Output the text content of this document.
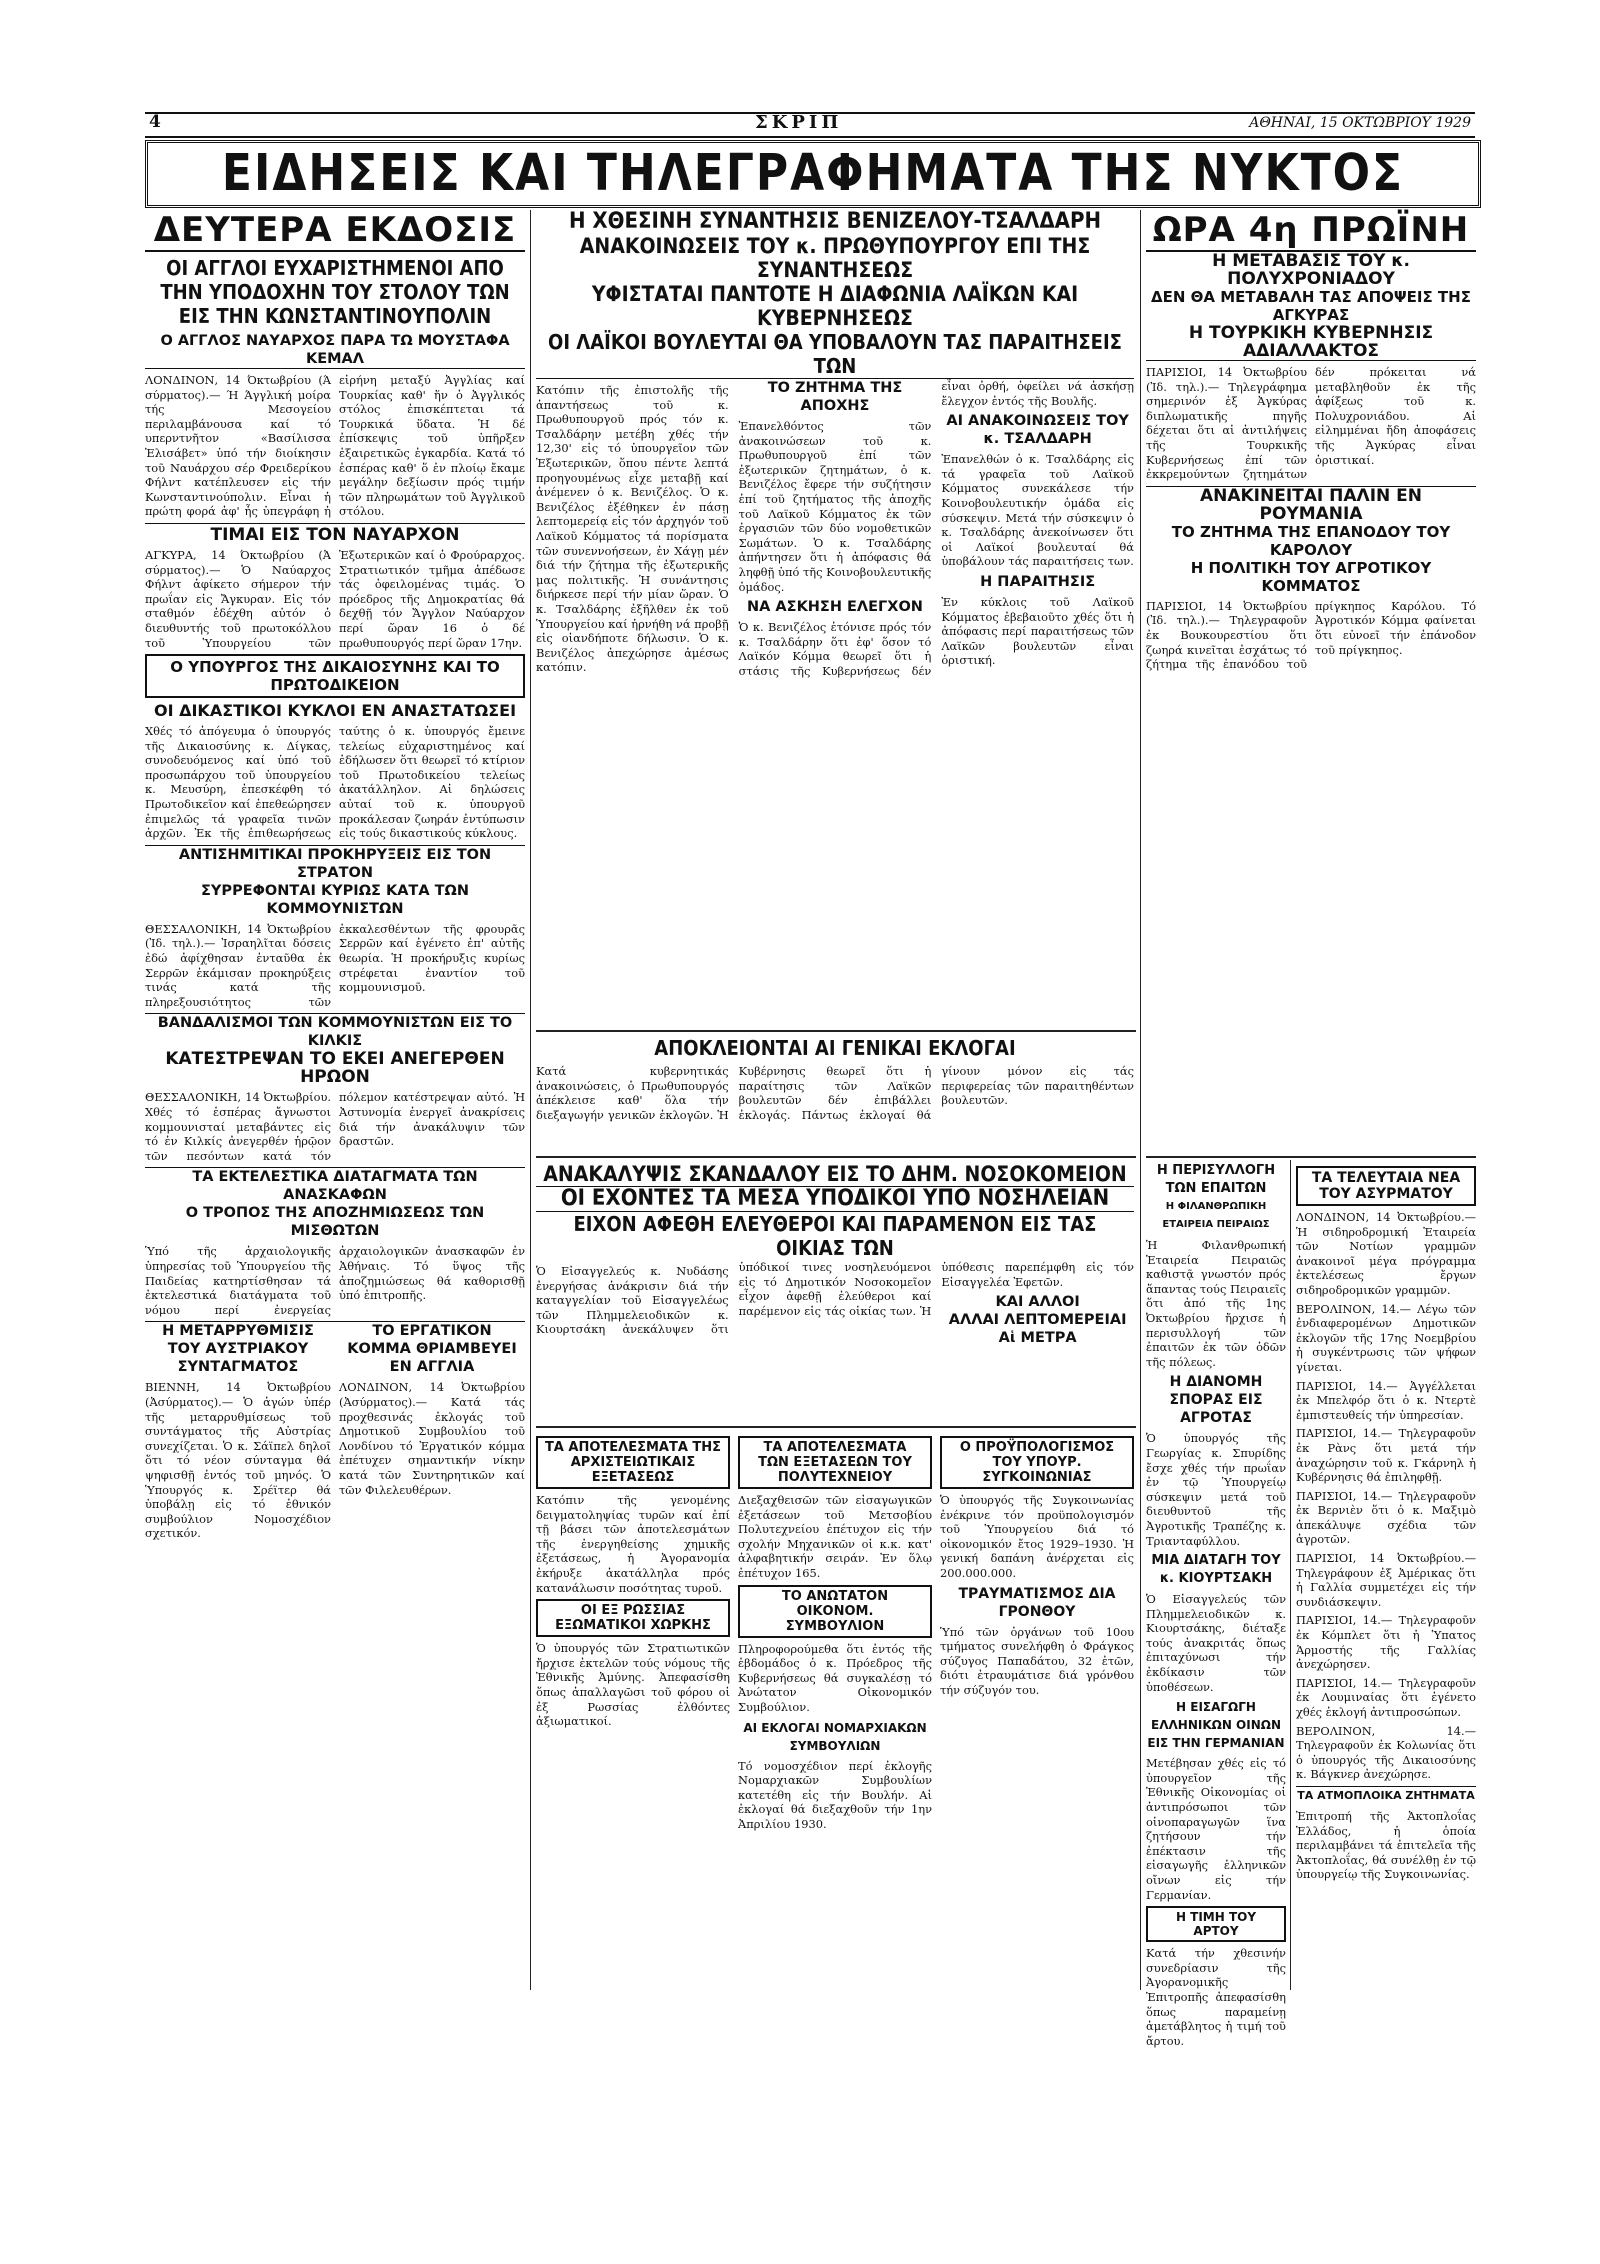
4	ΣΚΡΙΠ	ΑΘΗΝΑΙ, 15 ΟΚΤΩΒΡΙΟΥ 1929
ΕΙΔΗΣΕΙΣ ΚΑΙ ΤΗΛΕΓΡΑΦΗΜΑΤΑ ΤΗΣ ΝΥΚΤΟΣ
ΔΕΥΤΕΡΑ ΕΚΔΟΣΙΣ
ΟΙ ΑΓΓΛΟΙ ΕΥΧΑΡΙΣΤΗΜΕΝΟΙ ΑΠΟ ΤΗΝ ΥΠΟΔΟΧΗΝ ΤΟΥ ΣΤΟΛΟΥ ΤΩΝ ΕΙΣ ΤΗΝ ΚΩΝΣΤΑΝΤΙΝΟΥΠΟΛΙΝ
Ο ΑΓΓΛΟΣ ΝΑΥΑΡΧΟΣ ΠΑΡΑ ΤΩ ΜΟΥΣΤΑΦΑ ΚΕΜΑΛ
ΛΟΝΔΙΝΟΝ, 14 Όκτωβρίου (Ά σύρματος).— Ή Άγγλική μοίρα τής Μεσογείου περιλαμβάνουσα καί τό υπερντνῆτον «Βασίλισσα Ἐλισάβετ» ὑπό τήν διοίκησιν τοῦ Ναυάρχου σέρ Φρειδερίκου Φήλντ κατέπλευσεν εἰς τήν Κωνσταντινούπολιν. Εἶναι ἡ πρώτη φορά ἀφ' ἧς ὑπεγράφη ἡ εἰρήνη μεταξύ Ἀγγλίας καί Τουρκίας καθ' ἥν ὁ Ἀγγλικός στόλος ἐπισκέπτεται τά Τουρκικά ὕδατα. Ἡ δέ ἐπίσκεψις τοῦ ὑπῆρξεν ἐξαιρετικῶς ἐγκαρδία. Κατά τό ἑσπέρας καθ' ὅ ἐν πλοίῳ ἔκαμε μεγάλην δεξίωσιν πρός τιμήν τῶν πληρωμάτων τοῦ Ἀγγλικοῦ στόλου.
ΤΙΜΑΙ ΕΙΣ ΤΟΝ ΝΑΥΑΡΧΟΝ
ΑΓΚΥΡΑ, 14 Όκτωβρίου (Ἀ σύρματος).— Ὁ Ναύαρχος Φήλντ ἀφίκετο σήμερον τήν πρωΐαν εἰς Ἄγκυραν. Εἰς τόν σταθμόν ἐδέχθη αὐτόν ὁ διευθυντής τοῦ πρωτοκόλλου τοῦ Ὑπουργείου τῶν Ἐξωτερικῶν καί ὁ Φρούραρχος. Στρατιωτικόν τμῆμα ἀπέδωσε τάς ὀφειλομένας τιμάς. Ὁ πρόεδρος τῆς Δημοκρατίας θά δεχθῇ τόν Ἄγγλον Ναύαρχον περί ὥραν 16 ὁ δέ πρωθυπουργός περί ὥραν 17ην.
Ο ΥΠΟΥΡΓΟΣ ΤΗΣ ΔΙΚΑΙΟΣΥΝΗΣ ΚΑΙ ΤΟ ΠΡΩΤΟΔΙΚΕΙΟΝ
ΟΙ ΔΙΚΑΣΤΙΚΟΙ ΚΥΚΛΟΙ ΕΝ ΑΝΑΣΤΑΤΩΣΕΙ
Χθές τό ἀπόγευμα ὁ ὑπουργός τῆς Δικαιοσύνης κ. Δίγκας, συνοδευόμενος καί ὑπό τοῦ προσωπάρχου τοῦ ὑπουργείου κ. Μευσύρη, ἐπεσκέφθη τό Πρωτοδικεῖον καί ἐπεθεώρησεν ἐπιμελῶς τά γραφεῖα τινῶν ἀρχῶν. Ἐκ τῆς ἐπιθεωρήσεως ταύτης ὁ κ. ὑπουργός ἔμεινε τελείως εὐχαριστημένος καί ἐδήλωσεν ὅτι θεωρεῖ τό κτίριον τοῦ Πρωτοδικείου τελείως ἀκατάλληλον. Αἱ δηλώσεις αὐταί τοῦ κ. ὑπουργοῦ προκάλεσαν ζωηράν ἐντύπωσιν εἰς τούς δικαστικούς κύκλους.
ΑΝΤΙΣΗΜΙΤΙΚΑΙ ΠΡΟΚΗΡΥΞΕΙΣ ΕΙΣ ΤΟΝ ΣΤΡΑΤΟΝ
ΣΥΡΡΕΦΟΝΤΑΙ ΚΥΡΙΩΣ ΚΑΤΑ ΤΩΝ ΚΟΜΜΟΥΝΙΣΤΩΝ
ΘΕΣΣΑΛΟΝΙΚΗ, 14 Ὀκτωβρίου (Ἰδ. τηλ.).— Ἰσραηλῖται δόσεις ἐδώ ἀφίχθησαν ἐνταῦθα ἐκ Σερρῶν ἐκάμισαν προκηρύξεις τινάς κατά τῆς πληρεξουσιότητος τῶν ἐκκαλεσθέντων τῆς φρουρᾶς Σερρῶν καί ἐγένετο ἐπ' αὐτῆς θεωρία. Ἡ προκήρυξις κυρίως στρέφεται ἐναντίον τοῦ κομμουνισμοῦ.
ΒΑΝΔΑΛΙΣΜΟΙ ΤΩΝ ΚΟΜΜΟΥΝΙΣΤΩΝ ΕΙΣ ΤΟ ΚΙΛΚΙΣ
ΚΑΤΕΣΤΡΕΨΑΝ ΤΟ ΕΚΕΙ ΑΝΕΓΕΡΘΕΝ ΗΡΩΟΝ
ΘΕΣΣΑΛΟΝΙΚΗ, 14 Ὀκτωβρίου. Χθές τό ἑσπέρας ἄγνωστοι κομμουνισταί μεταβάντες εἰς τό ἐν Κιλκίς ἀνεγερθέν ἡρῷον τῶν πεσόντων κατά τόν πόλεμον κατέστρεψαν αὐτό. Ἡ Ἀστυνομία ἐνεργεῖ ἀνακρίσεις διά τήν ἀνακάλυψιν τῶν δραστῶν.
ΤΑ ΕΚΤΕΛΕΣΤΙΚΑ ΔΙΑΤΑΓΜΑΤΑ ΤΩΝ ΑΝΑΣΚΑΦΩΝ
Ο ΤΡΟΠΟΣ ΤΗΣ ΑΠΟΖΗΜΙΩΣΕΩΣ ΤΩΝ ΜΙΣΘΩΤΩΝ
Ὑπό τῆς ἀρχαιολογικῆς ὑπηρεσίας τοῦ Ὑπουργείου τῆς Παιδείας κατηρτίσθησαν τά ἐκτελεστικά διατάγματα τοῦ νόμου περί ἐνεργείας ἀρχαιολογικῶν ἀνασκαφῶν ἐν Ἀθήναις. Τό ὕψος τῆς ἀποζημιώσεως θά καθορισθῇ ὑπό ἐπιτροπῆς.
Η ΜΕΤΑΡΡΥΘΜΙΣΙΣ ΤΟΥ ΑΥΣΤΡΙΑΚΟΥ ΣΥΝΤΑΓΜΑΤΟΣ
ΒΙΕΝΝΗ, 14 Ὀκτωβρίου (Ἀσύρματος).— Ὁ ἀγών ὑπέρ τῆς μεταρρυθμίσεως τοῦ συντάγματος τῆς Αὐστρίας συνεχίζεται. Ὁ κ. Σάϊπελ δηλοῖ ὅτι τό νέον σύνταγμα θά ψηφισθῇ ἐντός τοῦ μηνός. Ὁ Ὑπουργός κ. Σρέϊτερ θά ὑποβάλῃ εἰς τό ἐθνικόν συμβούλιον Νομοσχέδιον σχετικόν.
ΤΟ ΕΡΓΑΤΙΚΟΝ ΚΟΜΜΑ ΘΡΙΑΜΒΕΥΕΙ ΕΝ ΑΓΓΛΙΑ
ΛΟΝΔΙΝΟΝ, 14 Ὀκτωβρίου (Ἀσύρματος).— Κατά τάς προχθεσινάς ἐκλογάς τοῦ Δημοτικοῦ Συμβουλίου τοῦ Λονδίνου τό Ἐργατικόν κόμμα ἐπέτυχεν σημαντικήν νίκην κατά τῶν Συντηρητικῶν καί τῶν Φιλελευθέρων.
Η ΧΘΕΣΙΝΗ ΣΥΝΑΝΤΗΣΙΣ ΒΕΝΙΖΕΛΟΥ-ΤΣΑΛΔΑΡΗ
ΑΝΑΚΟΙΝΩΣΕΙΣ ΤΟΥ κ. ΠΡΩΘΥΠΟΥΡΓΟΥ ΕΠΙ ΤΗΣ ΣΥΝΑΝΤΗΣΕΩΣ
ΥΦΙΣΤΑΤΑΙ ΠΑΝΤΟΤΕ Η ΔΙΑΦΩΝΙΑ ΛΑΪΚΩΝ ΚΑΙ ΚΥΒΕΡΝΗΣΕΩΣ
ΟΙ ΛΑΪΚΟΙ ΒΟΥΛΕΥΤΑΙ ΘΑ ΥΠΟΒΑΛΟΥΝ ΤΑΣ ΠΑΡΑΙΤΗΣΕΙΣ ΤΩΝ
Κατόπιν τῆς ἐπιστολῆς τῆς ἀπαντήσεως τοῦ κ. Πρωθυπουργοῦ πρός τόν κ. Τσαλδάρην μετέβη χθές τήν 12,30' εἰς τό ὑπουργεῖον τῶν Ἐξωτερικῶν, ὅπου πέντε λεπτά προηγουμένως εἶχε μεταβῇ καί ἀνέμενεν ὁ κ. Βενιζέλος. Ὁ κ. Βενιζέλος ἐξέθηκεν ἐν πάσῃ λεπτομερείᾳ εἰς τόν ἀρχηγόν τοῦ Λαϊκοῦ Κόμματος τά πορίσματα τῶν συνεννοήσεων, ἐν Χάγῃ μέν διά τήν ζήτημα τῆς ἐξωτερικῆς μας πολιτικῆς. Ἡ συνάντησις διήρκεσε περί τήν μίαν ὥραν. Ὁ κ. Τσαλδάρης ἐξῆλθεν ἐκ τοῦ Ὑπουργείου καί ἠρνήθη νά προβῇ εἰς οἱανδήποτε δήλωσιν. Ὁ κ. Βενιζέλος ἀπεχώρησε ἀμέσως κατόπιν.
ΤΟ ΖΗΤΗΜΑ ΤΗΣ ΑΠΟΧΗΣ
Ἐπανελθόντος τῶν ἀνακοινώσεων τοῦ κ. Πρωθυπουργοῦ ἐπί τῶν ἐξωτερικῶν ζητημάτων, ὁ κ. Βενιζέλος ἔφερε τήν συζήτησιν ἐπί τοῦ ζητήματος τῆς ἀποχῆς τοῦ Λαϊκοῦ Κόμματος ἐκ τῶν ἐργασιῶν τῶν δύο νομοθετικῶν Σωμάτων. Ὁ κ. Τσαλδάρης ἀπήντησεν ὅτι ἡ ἀπόφασις θά ληφθῇ ὑπό τῆς Κοινοβουλευτικῆς ὁμάδος.
ΝΑ ΑΣΚΗΣΗ ΕΛΕΓΧΟΝ
Ὁ κ. Βενιζέλος ἐτόνισε πρός τόν κ. Τσαλδάρην ὅτι ἐφ' ὅσον τό Λαϊκόν Κόμμα θεωρεῖ ὅτι ἡ στάσις τῆς Κυβερνήσεως δέν εἶναι ὀρθή, ὀφείλει νά ἀσκήσῃ ἔλεγχον ἐντός τῆς Βουλῆς.
ΑΙ ΑΝΑΚΟΙΝΩΣΕΙΣ ΤΟΥ κ. ΤΣΑΛΔΑΡΗ
Ἐπανελθών ὁ κ. Τσαλδάρης εἰς τά γραφεῖα τοῦ Λαϊκοῦ Κόμματος συνεκάλεσε τήν Κοινοβουλευτικήν ὁμάδα εἰς σύσκεψιν. Μετά τήν σύσκεψιν ὁ κ. Τσαλδάρης ἀνεκοίνωσεν ὅτι οἱ Λαϊκοί βουλευταί θά ὑποβάλουν τάς παραιτήσεις των.
Η ΠΑΡΑΙΤΗΣΙΣ
Ἐν κύκλοις τοῦ Λαϊκοῦ Κόμματος ἐβεβαιοῦτο χθές ὅτι ἡ ἀπόφασις περί παραιτήσεως τῶν Λαϊκῶν βουλευτῶν εἶναι ὁριστική.
ΑΠΟΚΛΕΙΟΝΤΑΙ ΑΙ ΓΕΝΙΚΑΙ ΕΚΛΟΓΑΙ
Κατά κυβερνητικάς ἀνακοινώσεις, ὁ Πρωθυπουργός ἀπέκλεισε καθ' ὅλα τήν διεξαγωγήν γενικῶν ἐκλογῶν. Ἡ Κυβέρνησις θεωρεῖ ὅτι ἡ παραίτησις τῶν Λαϊκῶν βουλευτῶν δέν ἐπιβάλλει ἐκλογάς. Πάντως ἐκλογαί θά γίνουν μόνον εἰς τάς περιφερείας τῶν παραιτηθέντων βουλευτῶν.
ΑΝΑΚΑΛΥΨΙΣ ΣΚΑΝΔΑΛΟΥ ΕΙΣ ΤΟ ΔΗΜ. ΝΟΣΟΚΟΜΕΙΟΝ
ΟΙ ΕΧΟΝΤΕΣ ΤΑ ΜΕΣΑ ΥΠΟΔΙΚΟΙ ΥΠΟ ΝΟΣΗΛΕΙΑΝ
ΕΙΧΟΝ ΑΦΕΘΗ ΕΛΕΥΘΕΡΟΙ ΚΑΙ ΠΑΡΑΜΕΝΟΝ ΕΙΣ ΤΑΣ ΟΙΚΙΑΣ ΤΩΝ
Ὁ Εἰσαγγελεύς κ. Νυδάσης ἐνεργήσας ἀνάκρισιν διά τήν καταγγελίαν τοῦ Εἰσαγγελέως τῶν Πλημμελειοδικῶν κ. Κιουρτσάκη ἀνεκάλυψεν ὅτι ὑπόδικοί τινες νοσηλευόμενοι εἰς τό Δημοτικόν Νοσοκομεῖον εἶχον ἀφεθῇ ἐλεύθεροι καί παρέμενον εἰς τάς οἰκίας των. Ἡ ὑπόθεσις παρεπέμφθη εἰς τόν Εἰσαγγελέα Ἐφετῶν.
ΚΑΙ ΑΛΛΟΙ
ΑΛΛΑΙ ΛΕΠΤΟΜΕΡΕΙΑΙ
Αἱ ΜΕΤΡΑ
ΤΑ ΑΠΟΤΕΛΕΣΜΑΤΑ ΤΗΣ ΑΡΧΙΣΤΕΙΩΤΙΚΑΙΣ ΕΞΕΤΑΣΕΩΣ
Κατόπιν τῆς γενομένης δειγματοληψίας τυρῶν καί ἐπί τῇ βάσει τῶν ἀποτελεσμάτων τῆς ἐνεργηθείσης χημικῆς ἐξετάσεως, ἡ Ἀγορανομία ἐκήρυξε ἀκατάλληλα πρός κατανάλωσιν ποσότητας τυροῦ.
ΟΙ ΕΞ ΡΩΣΣΙΑΣ ΕΞΩΜΑΤΙΚΟΙ ΧΩΡΚΗΣ
Ὁ ὑπουργός τῶν Στρατιωτικῶν ἤρχισε ἐκτελῶν τούς νόμους τῆς Ἐθνικῆς Ἀμύνης. Ἀπεφασίσθη ὅπως ἀπαλλαγῶσι τοῦ φόρου οἱ ἐξ Ρωσσίας ἐλθόντες ἀξιωματικοί.
ΤΑ ΑΠΟΤΕΛΕΣΜΑΤΑ ΤΩΝ ΕΞΕΤΑΣΕΩΝ ΤΟΥ ΠΟΛΥΤΕΧΝΕΙΟΥ
Διεξαχθεισῶν τῶν εἰσαγωγικῶν ἐξετάσεων τοῦ Μετσοβίου Πολυτεχνείου ἐπέτυχον εἰς τήν σχολήν Μηχανικῶν οἱ κ.κ. κατ' ἀλφαβητικήν σειράν. Ἐν ὅλῳ ἐπέτυχον 165.
ΤΟ ΑΝΩΤΑΤΟΝ ΟΙΚΟΝΟΜ. ΣΥΜΒΟΥΛΙΟΝ
Πληροφορούμεθα ὅτι ἐντός τῆς ἑβδομάδος ὁ κ. Πρόεδρος τῆς Κυβερνήσεως θά συγκαλέσῃ τό Ἀνώτατον Οἰκονομικόν Συμβούλιον.
ΑΙ ΕΚΛΟΓΑΙ ΝΟΜΑΡΧΙΑΚΩΝ ΣΥΜΒΟΥΛΙΩΝ
Τό νομοσχέδιον περί ἐκλογῆς Νομαρχιακῶν Συμβουλίων κατετέθη εἰς τήν Βουλήν. Αἱ ἐκλογαί θά διεξαχθοῦν τήν 1ην Ἀπριλίου 1930.
Ο ΠΡΟΫΠΟΛΟΓΙΣΜΟΣ ΤΟΥ ΥΠΟΥΡ. ΣΥΓΚΟΙΝΩΝΙΑΣ
Ὁ ὑπουργός τῆς Συγκοινωνίας ἐνέκρινε τόν προϋπολογισμόν τοῦ Ὑπουργείου διά τό οἰκονομικόν ἔτος 1929–1930. Ἡ γενική δαπάνη ἀνέρχεται εἰς 200.000.000.
ΤΡΑΥΜΑΤΙΣΜΟΣ ΔΙΑ ΓΡΟΝΘΟΥ
Ὑπό τῶν ὀργάνων τοῦ 10ου τμήματος συνελήφθη ὁ Φράγκος σύζυγος Παπαδάτου, 32 ἐτῶν, διότι ἐτραυμάτισε διά γρόνθου τήν σύζυγόν του.
ΩΡΑ 4η ΠΡΩΪΝΗ
Η ΜΕΤΑΒΑΣΙΣ ΤΟΥ κ. ΠΟΛΥΧΡΟΝΙΑΔΟΥ
ΔΕΝ ΘΑ ΜΕΤΑΒΑΛΗ ΤΑΣ ΑΠΟΨΕΙΣ ΤΗΣ ΑΓΚΥΡΑΣ
Η ΤΟΥΡΚΙΚΗ ΚΥΒΕΡΝΗΣΙΣ ΑΔΙΑΛΛΑΚΤΟΣ
ΠΑΡΙΣΙΟΙ, 14 Ὀκτωβρίου (Ἰδ. τηλ.).— Τηλεγράφημα σημερινόν ἐξ Ἀγκύρας διπλωματικῆς πηγῆς δέχεται ὅτι αἱ ἀντιλήψεις τῆς Τουρκικῆς Κυβερνήσεως ἐπί τῶν ἐκκρεμούντων ζητημάτων δέν πρόκειται νά μεταβληθοῦν ἐκ τῆς ἀφίξεως τοῦ κ. Πολυχρονιάδου. Αἱ εἰλημμέναι ἤδη ἀποφάσεις τῆς Ἀγκύρας εἶναι ὁριστικαί.
ΑΝΑΚΙΝΕΙΤΑΙ ΠΑΛΙΝ ΕΝ ΡΟΥΜΑΝΙΑ
ΤΟ ΖΗΤΗΜΑ ΤΗΣ ΕΠΑΝΟΔΟΥ ΤΟΥ ΚΑΡΟΛΟΥ
Η ΠΟΛΙΤΙΚΗ ΤΟΥ ΑΓΡΟΤΙΚΟΥ ΚΟΜΜΑΤΟΣ
ΠΑΡΙΣΙΟΙ, 14 Ὀκτωβρίου (Ἰδ. τηλ.).— Τηλεγραφοῦν ἐκ Βουκουρεστίου ὅτι ζωηρά κινεῖται ἐσχάτως τό ζήτημα τῆς ἐπανόδου τοῦ πρίγκηπος Καρόλου. Τό Ἀγροτικόν Κόμμα φαίνεται ὅτι εὐνοεῖ τήν ἐπάνοδον τοῦ πρίγκηπος.
Η ΠΕΡΙΣΥΛΛΟΓΗ ΤΩΝ ΕΠΑΙΤΩΝ
Η ΦΙΛΑΝΘΡΩΠΙΚΗ ΕΤΑΙΡΕΙΑ ΠΕΙΡΑΙΩΣ
Ἡ Φιλανθρωπική Ἑταιρεία Πειραιῶς καθιστᾷ γνωστόν πρός ἅπαντας τούς Πειραιεῖς ὅτι ἀπό τῆς 1ης Ὀκτωβρίου ἤρχισε ἡ περισυλλογή τῶν ἐπαιτῶν ἐκ τῶν ὁδῶν τῆς πόλεως.
Η ΔΙΑΝΟΜΗ ΣΠΟΡΑΣ ΕΙΣ ΑΓΡΟΤΑΣ
Ὁ ὑπουργός τῆς Γεωργίας κ. Σπυρίδης ἔσχε χθές τήν πρωΐαν ἐν τῷ Ὑπουργείῳ σύσκεψιν μετά τοῦ διευθυντοῦ τῆς Ἀγροτικῆς Τραπέζης κ. Τριανταφύλλου.
ΜΙΑ ΔΙΑΤΑΓΗ ΤΟΥ κ. ΚΙΟΥΡΤΣΑΚΗ
Ὁ Εἰσαγγελεύς τῶν Πλημμελειοδικῶν κ. Κιουρτσάκης, διέταξε τούς ἀνακριτάς ὅπως ἐπιταχύνωσι τήν ἐκδίκασιν τῶν ὑποθέσεων.
Η ΕΙΣΑΓΩΓΗ ΕΛΛΗΝΙΚΩΝ ΟΙΝΩΝ ΕΙΣ ΤΗΝ ΓΕΡΜΑΝΙΑΝ
Μετέβησαν χθές εἰς τό ὑπουργεῖον τῆς Ἐθνικῆς Οἰκονομίας οἱ ἀντιπρόσωποι τῶν οἰνοπαραγωγῶν ἵνα ζητήσουν τήν ἐπέκτασιν τῆς εἰσαγωγῆς ἑλληνικῶν οἴνων εἰς τήν Γερμανίαν.
Η ΤΙΜΗ ΤΟΥ ΑΡΤΟΥ
Κατά τήν χθεσινήν συνεδρίασιν τῆς Ἀγορανομικῆς Ἐπιτροπῆς ἀπεφασίσθη ὅπως παραμείνῃ ἀμετάβλητος ἡ τιμή τοῦ ἄρτου.
ΤΑ ΤΕΛΕΥΤΑΙΑ ΝΕΑ ΤΟΥ ΑΣΥΡΜΑΤΟΥ
ΛΟΝΔΙΝΟΝ, 14 Ὀκτωβρίου.— Ἡ σιδηροδρομική Ἑταιρεία τῶν Νοτίων γραμμῶν ἀνακοινοῖ μέγα πρόγραμμα ἐκτελέσεως ἔργων σιδηροδρομικῶν γραμμῶν.
ΒΕΡΟΛΙΝΟΝ, 14.— Λέγω τῶν ἐνδιαφερομένων Δημοτικῶν ἐκλογῶν τῆς 17ης Νοεμβρίου ἡ συγκέντρωσις τῶν ψήφων γίνεται.
ΠΑΡΙΣΙΟΙ, 14.— Ἀγγέλλεται ἐκ Μπελφόρ ὅτι ὁ κ. Ντερτὲ ἐμπιστευθείς τήν ὑπηρεσίαν.
ΠΑΡΙΣΙΟΙ, 14.— Τηλεγραφοῦν ἐκ Ρὰνς ὅτι μετά τήν ἀναχώρησιν τοῦ κ. Γκάρνηλ ἡ Κυβέρνησις θά ἐπιληφθῇ.
ΠΑΡΙΣΙΟΙ, 14.— Τηλεγραφοῦν ἐκ Βερνιὲν ὅτι ὁ κ. Μαξιμὸ ἀπεκάλυψε σχέδια τῶν ἀγροτῶν.
ΠΑΡΙΣΙΟΙ, 14 Ὀκτωβρίου.— Τηλεγράφουν ἐξ Ἀμέρικας ὅτι ἡ Γαλλία συμμετέχει εἰς τήν συνδιάσκεψιν.
ΠΑΡΙΣΙΟΙ, 14.— Τηλεγραφοῦν ἐκ Κόμπλετ ὅτι ἡ Ὑπατος Ἁρμοστής τῆς Γαλλίας ἀνεχώρησεν.
ΠΑΡΙΣΙΟΙ, 14.— Τηλεγραφοῦν ἐκ Λουμιναίας ὅτι ἐγένετο χθές ἐκλογή ἀντιπροσώπων.
ΒΕΡΟΛΙΝΟΝ, 14.— Τηλεγραφοῦν ἐκ Κολωνίας ὅτι ὁ ὑπουργός τῆς Δικαιοσύνης κ. Βάγκνερ ἀνεχώρησε.
ΤΑ ΑΤΜΟΠΛΟΙΚΑ ΖΗΤΗΜΑΤΑ
Ἐπιτροπή τῆς Ἀκτοπλοΐας Ἑλλάδος, ἡ ὁποία περιλαμβάνει τά ἐπιτελεῖα τῆς Ἀκτοπλοΐας, θά συνέλθῃ ἐν τῷ ὑπουργείῳ τῆς Συγκοινωνίας.
